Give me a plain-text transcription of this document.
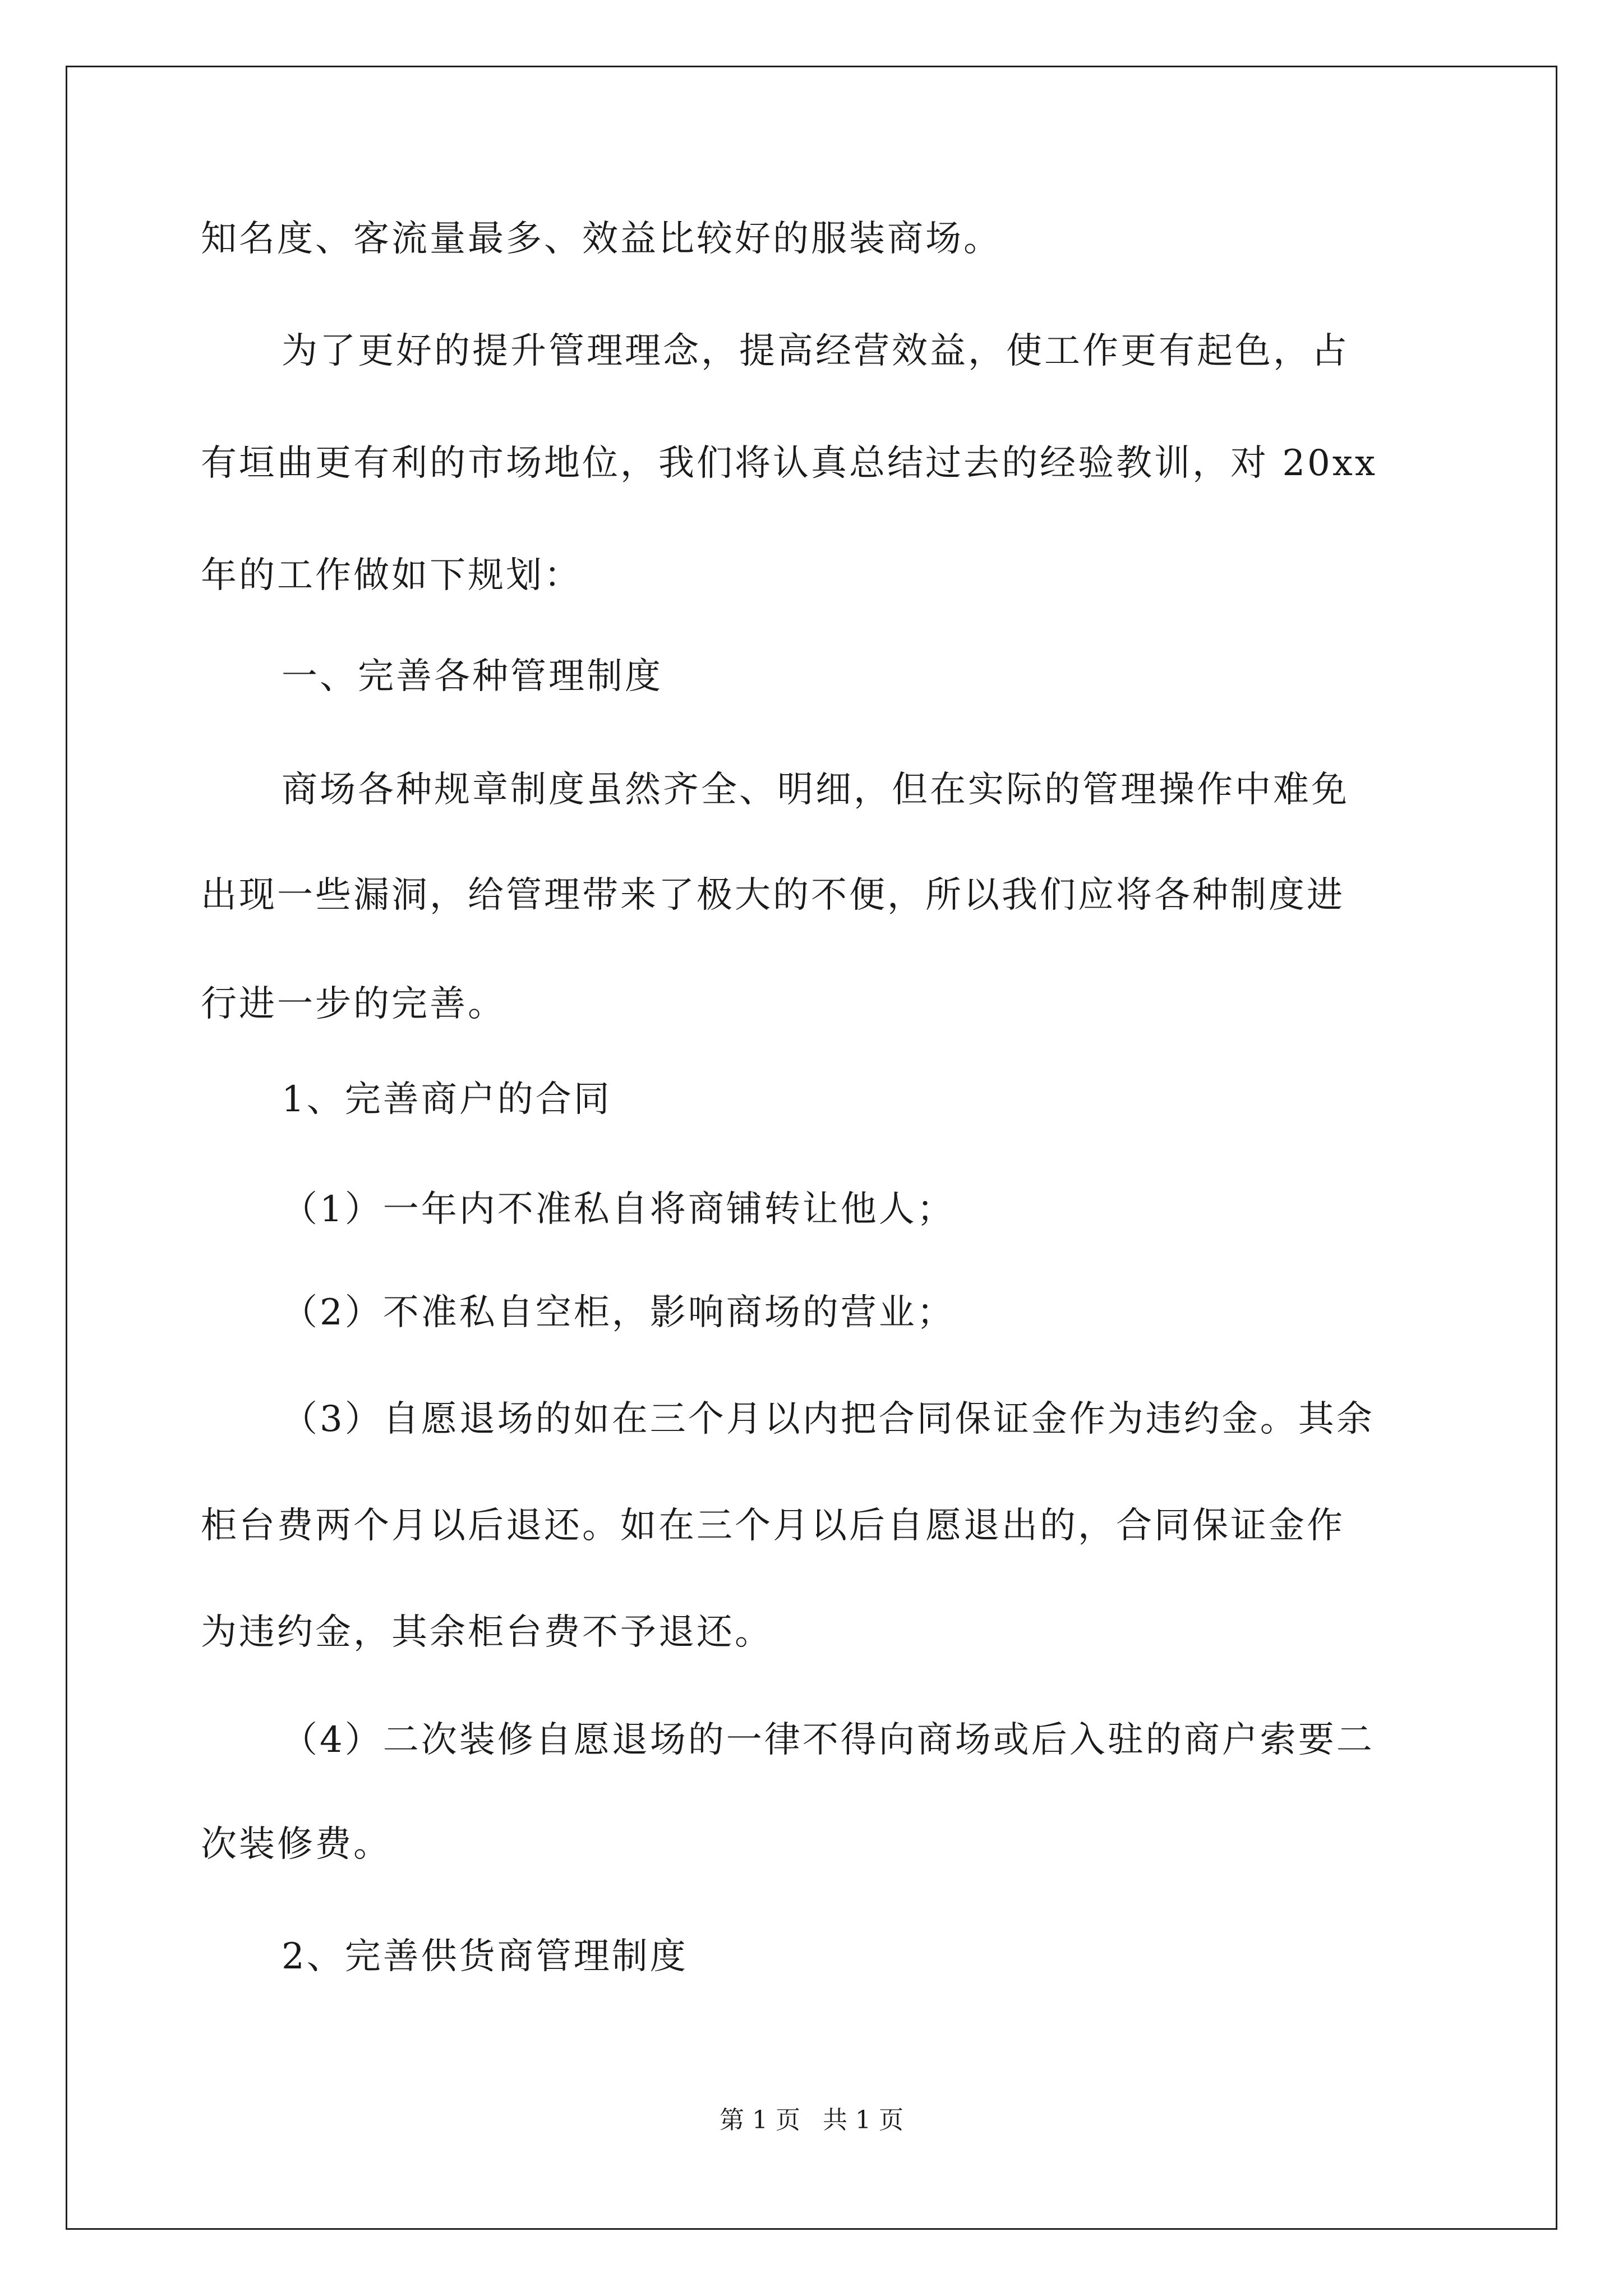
知名度、客流量最多、效益比较好的服装商场。
为了更好的提升管理理念，提高经营效益，使工作更有起色，占
有垣曲更有利的市场地位，我们将认真总结过去的经验教训，对 20xx
年的工作做如下规划：
一、完善各种管理制度
商场各种规章制度虽然齐全、明细，但在实际的管理操作中难免
出现一些漏洞，给管理带来了极大的不便，所以我们应将各种制度进
行进一步的完善。
1、完善商户的合同
（1）一年内不准私自将商铺转让他人；
（2）不准私自空柜，影响商场的营业；
（3）自愿退场的如在三个月以内把合同保证金作为违约金。其余
柜台费两个月以后退还。如在三个月以后自愿退出的，合同保证金作
为违约金，其余柜台费不予退还。
（4）二次装修自愿退场的一律不得向商场或后入驻的商户索要二
次装修费。
2、完善供货商管理制度
第 1 页 共 1 页
